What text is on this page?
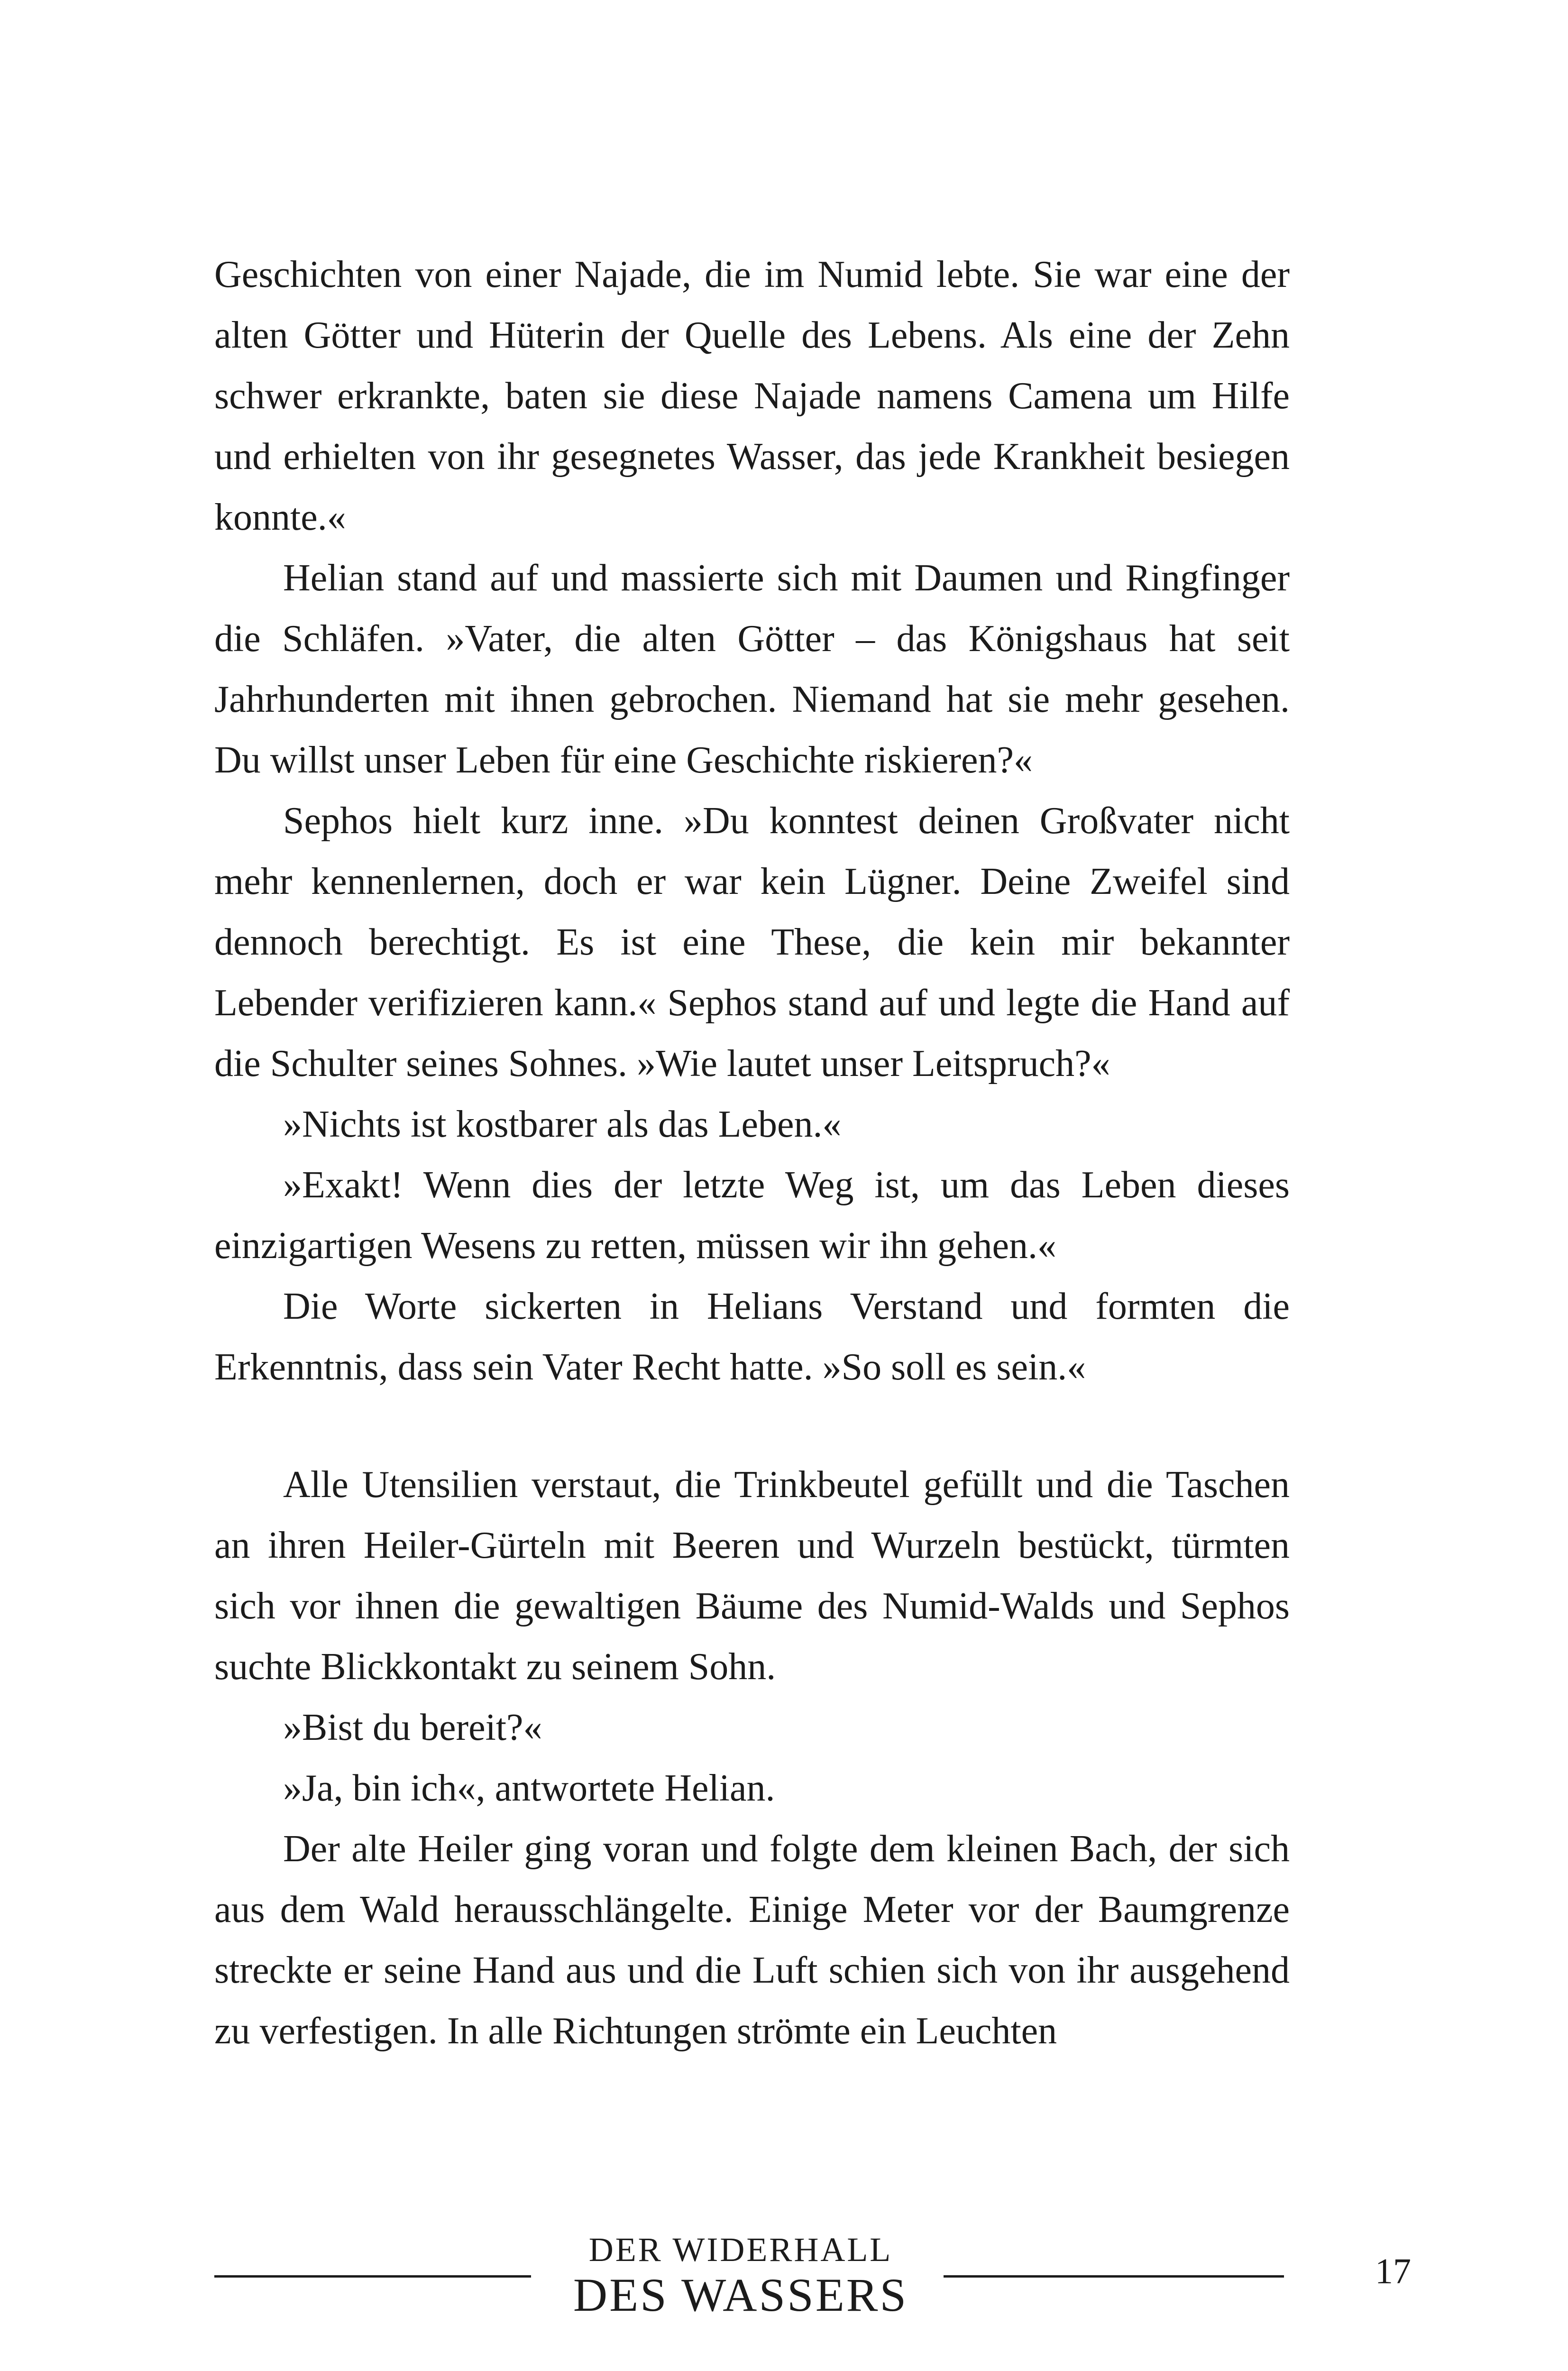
Geschichten von einer Najade, die im Numid lebte. Sie war eine der alten Götter und Hüterin der Quelle des Lebens. Als eine der Zehn schwer erkrankte, baten sie diese Najade namens Camena um Hilfe und erhielten von ihr gesegnetes Wasser, das jede Krankheit besiegen konnte.«

Helian stand auf und massierte sich mit Daumen und Ringfinger die Schläfen. »Vater, die alten Götter – das Königshaus hat seit Jahrhunderten mit ihnen gebrochen. Niemand hat sie mehr gesehen. Du willst unser Leben für eine Geschichte riskieren?«

Sephos hielt kurz inne. »Du konntest deinen Großvater nicht mehr kennenlernen, doch er war kein Lügner. Deine Zweifel sind dennoch berechtigt. Es ist eine These, die kein mir bekannter Lebender verifizieren kann.« Sephos stand auf und legte die Hand auf die Schulter seines Sohnes. »Wie lautet unser Leitspruch?«

»Nichts ist kostbarer als das Leben.«

»Exakt! Wenn dies der letzte Weg ist, um das Leben dieses einzigartigen Wesens zu retten, müssen wir ihn gehen.«

Die Worte sickerten in Helians Verstand und formten die Erkenntnis, dass sein Vater Recht hatte. »So soll es sein.«

Alle Utensilien verstaut, die Trinkbeutel gefüllt und die Taschen an ihren Heiler-Gürteln mit Beeren und Wurzeln bestückt, türmten sich vor ihnen die gewaltigen Bäume des Numid-Walds und Sephos suchte Blickkontakt zu seinem Sohn.

»Bist du bereit?«

»Ja, bin ich«, antwortete Helian.

Der alte Heiler ging voran und folgte dem kleinen Bach, der sich aus dem Wald herausschlängelte. Einige Meter vor der Baumgrenze streckte er seine Hand aus und die Luft schien sich von ihr ausgehend zu verfestigen. In alle Richtungen strömte ein Leuchten

DER WIDERHALL
DES WASSERS	17
